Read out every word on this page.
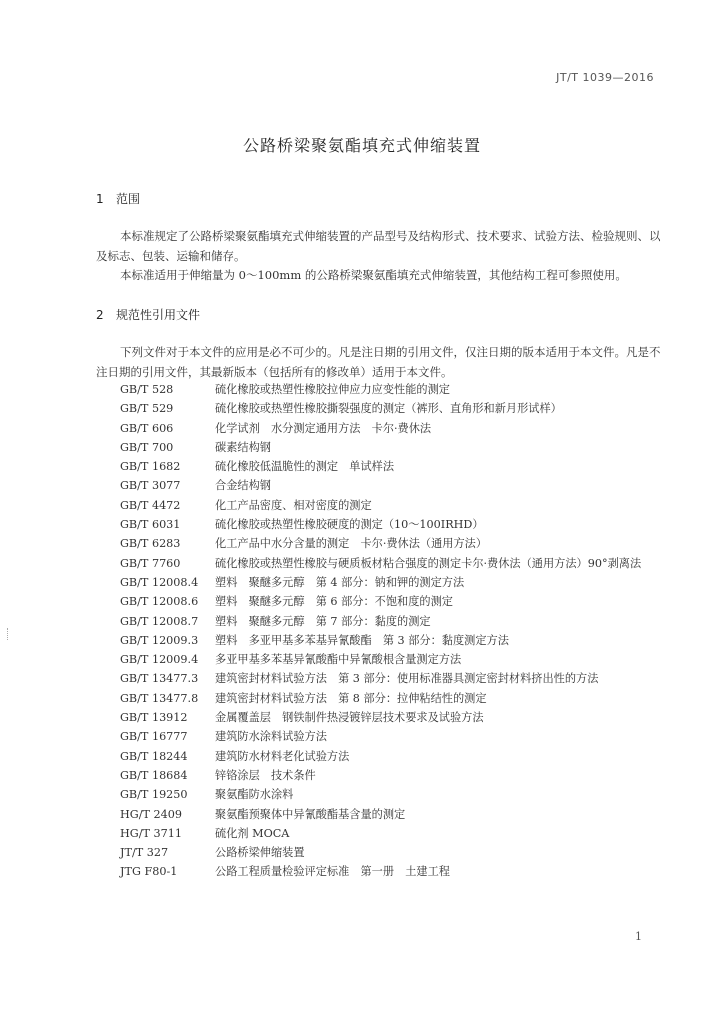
JT/T 1039—2016
公路桥梁聚氨酯填充式伸缩装置
1 范围
本标准规定了公路桥梁聚氨酯填充式伸缩装置的产品型号及结构形式、技术要求、试验方法、检验规则、以及标志、包装、运输和储存。
本标准适用于伸缩量为 0～100mm 的公路桥梁聚氨酯填充式伸缩装置，其他结构工程可参照使用。
2 规范性引用文件
下列文件对于本文件的应用是必不可少的。凡是注日期的引用文件，仅注日期的版本适用于本文件。凡是不注日期的引用文件，其最新版本（包括所有的修改单）适用于本文件。
GB/T 528	硫化橡胶或热塑性橡胶拉伸应力应变性能的测定
GB/T 529	硫化橡胶或热塑性橡胶撕裂强度的测定（裤形、直角形和新月形试样）
GB/T 606	化学试剂　水分测定通用方法　卡尔·费休法
GB/T 700	碳素结构钢
GB/T 1682	硫化橡胶低温脆性的测定　单试样法
GB/T 3077	合金结构钢
GB/T 4472	化工产品密度、相对密度的测定
GB/T 6031	硫化橡胶或热塑性橡胶硬度的测定（10～100IRHD）
GB/T 6283	化工产品中水分含量的测定　卡尔·费休法（通用方法）
GB/T 7760	硫化橡胶或热塑性橡胶与硬质板材粘合强度的测定卡尔·费休法（通用方法）90°剥离法
GB/T 12008.4	塑料　聚醚多元醇　第 4 部分：钠和钾的测定方法
GB/T 12008.6	塑料　聚醚多元醇　第 6 部分：不饱和度的测定
GB/T 12008.7	塑料　聚醚多元醇　第 7 部分：黏度的测定
GB/T 12009.3	塑料　多亚甲基多苯基异氰酸酯　第 3 部分：黏度测定方法
GB/T 12009.4	多亚甲基多苯基异氰酸酯中异氰酸根含量测定方法
GB/T 13477.3	建筑密封材料试验方法　第 3 部分：使用标准器具测定密封材料挤出性的方法
GB/T 13477.8	建筑密封材料试验方法　第 8 部分：拉伸粘结性的测定
GB/T 13912	金属覆盖层　钢铁制件热浸镀锌层技术要求及试验方法
GB/T 16777	建筑防水涂料试验方法
GB/T 18244	建筑防水材料老化试验方法
GB/T 18684	锌铬涂层　技术条件
GB/T 19250	聚氨酯防水涂料
HG/T 2409	聚氨酯预聚体中异氰酸酯基含量的测定
HG/T 3711	硫化剂 MOCA
JT/T 327	公路桥梁伸缩装置
JTG F80-1	公路工程质量检验评定标准　第一册　土建工程
1
